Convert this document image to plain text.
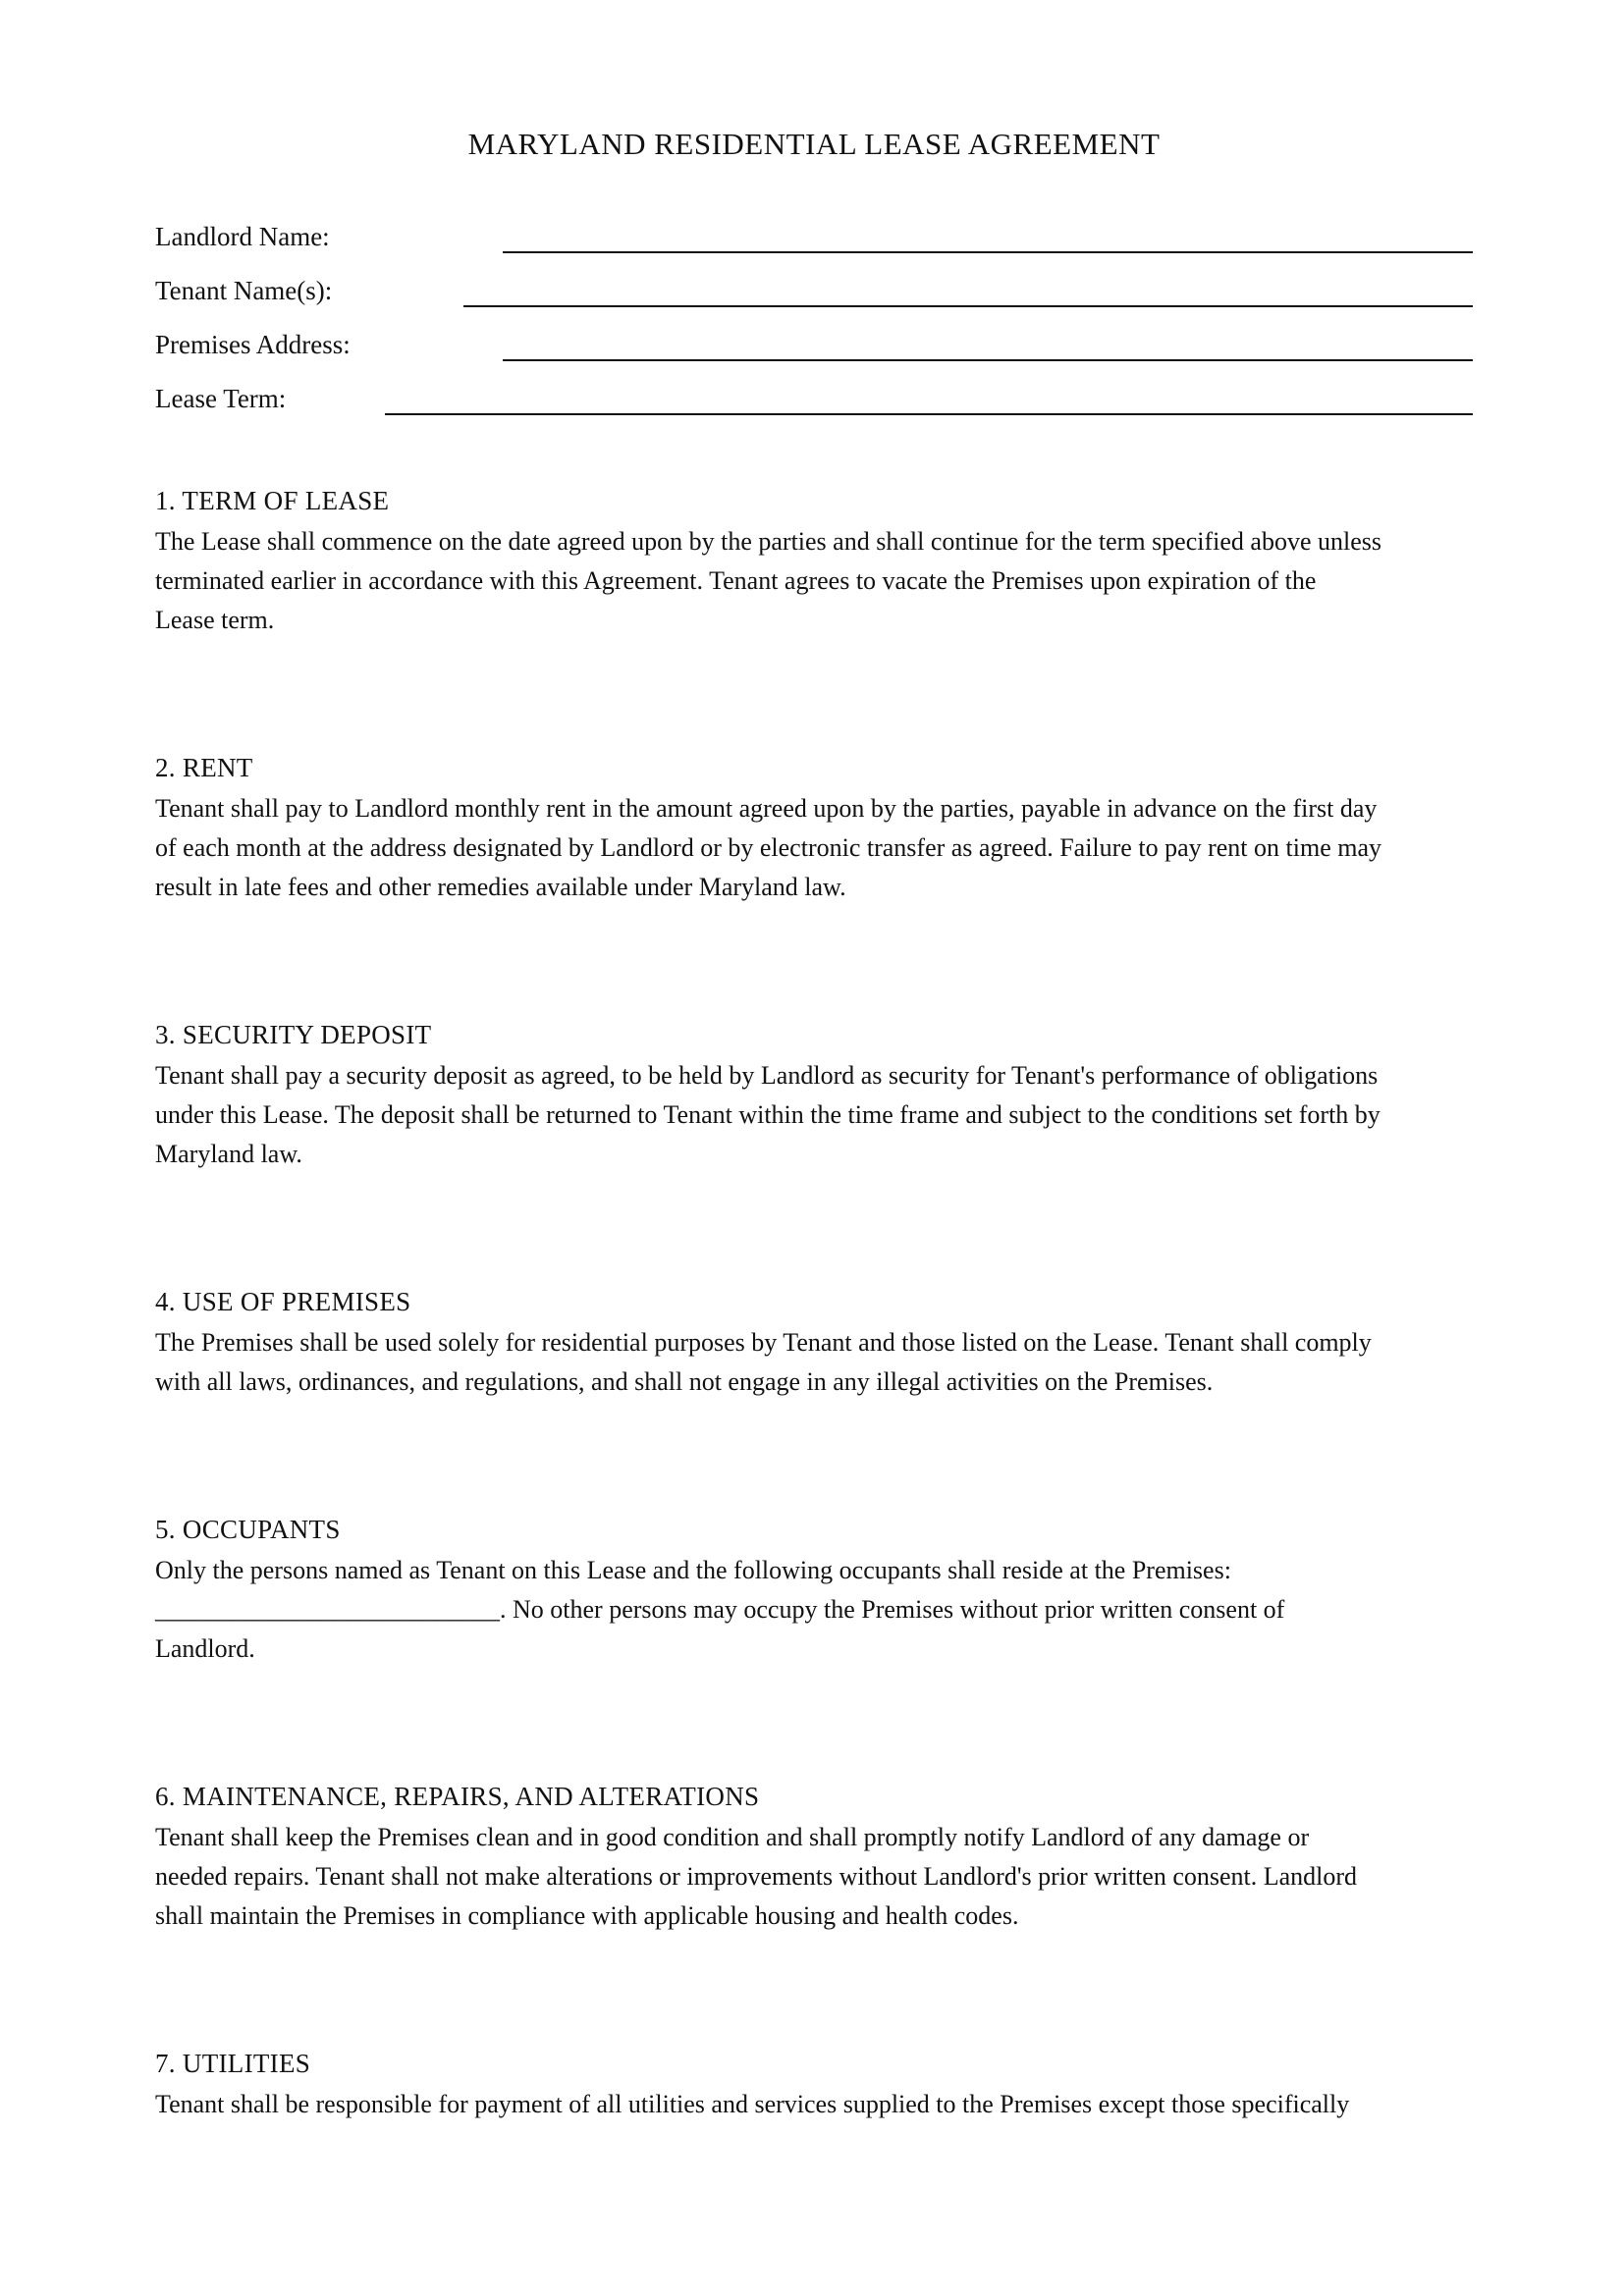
MARYLAND RESIDENTIAL LEASE AGREEMENT
Landlord Name:
Tenant Name(s):
Premises Address:
Lease Term:
1. TERM OF LEASE

The Lease shall commence on the date agreed upon by the parties and shall continue for the term specified above unless
terminated earlier in accordance with this Agreement. Tenant agrees to vacate the Premises upon expiration of the
Lease term.

2. RENT

Tenant shall pay to Landlord monthly rent in the amount agreed upon by the parties, payable in advance on the first day
of each month at the address designated by Landlord or by electronic transfer as agreed. Failure to pay rent on time may
result in late fees and other remedies available under Maryland law.

3. SECURITY DEPOSIT

Tenant shall pay a security deposit as agreed, to be held by Landlord as security for Tenant's performance of obligations
under this Lease. The deposit shall be returned to Tenant within the time frame and subject to the conditions set forth by
Maryland law.

4. USE OF PREMISES

The Premises shall be used solely for residential purposes by Tenant and those listed on the Lease. Tenant shall comply
with all laws, ordinances, and regulations, and shall not engage in any illegal activities on the Premises.

5. OCCUPANTS

Only the persons named as Tenant on this Lease and the following occupants shall reside at the Premises:
___________________________. No other persons may occupy the Premises without prior written consent of
Landlord.

6. MAINTENANCE, REPAIRS, AND ALTERATIONS

Tenant shall keep the Premises clean and in good condition and shall promptly notify Landlord of any damage or
needed repairs. Tenant shall not make alterations or improvements without Landlord's prior written consent. Landlord
shall maintain the Premises in compliance with applicable housing and health codes.

7. UTILITIES

Tenant shall be responsible for payment of all utilities and services supplied to the Premises except those specifically
